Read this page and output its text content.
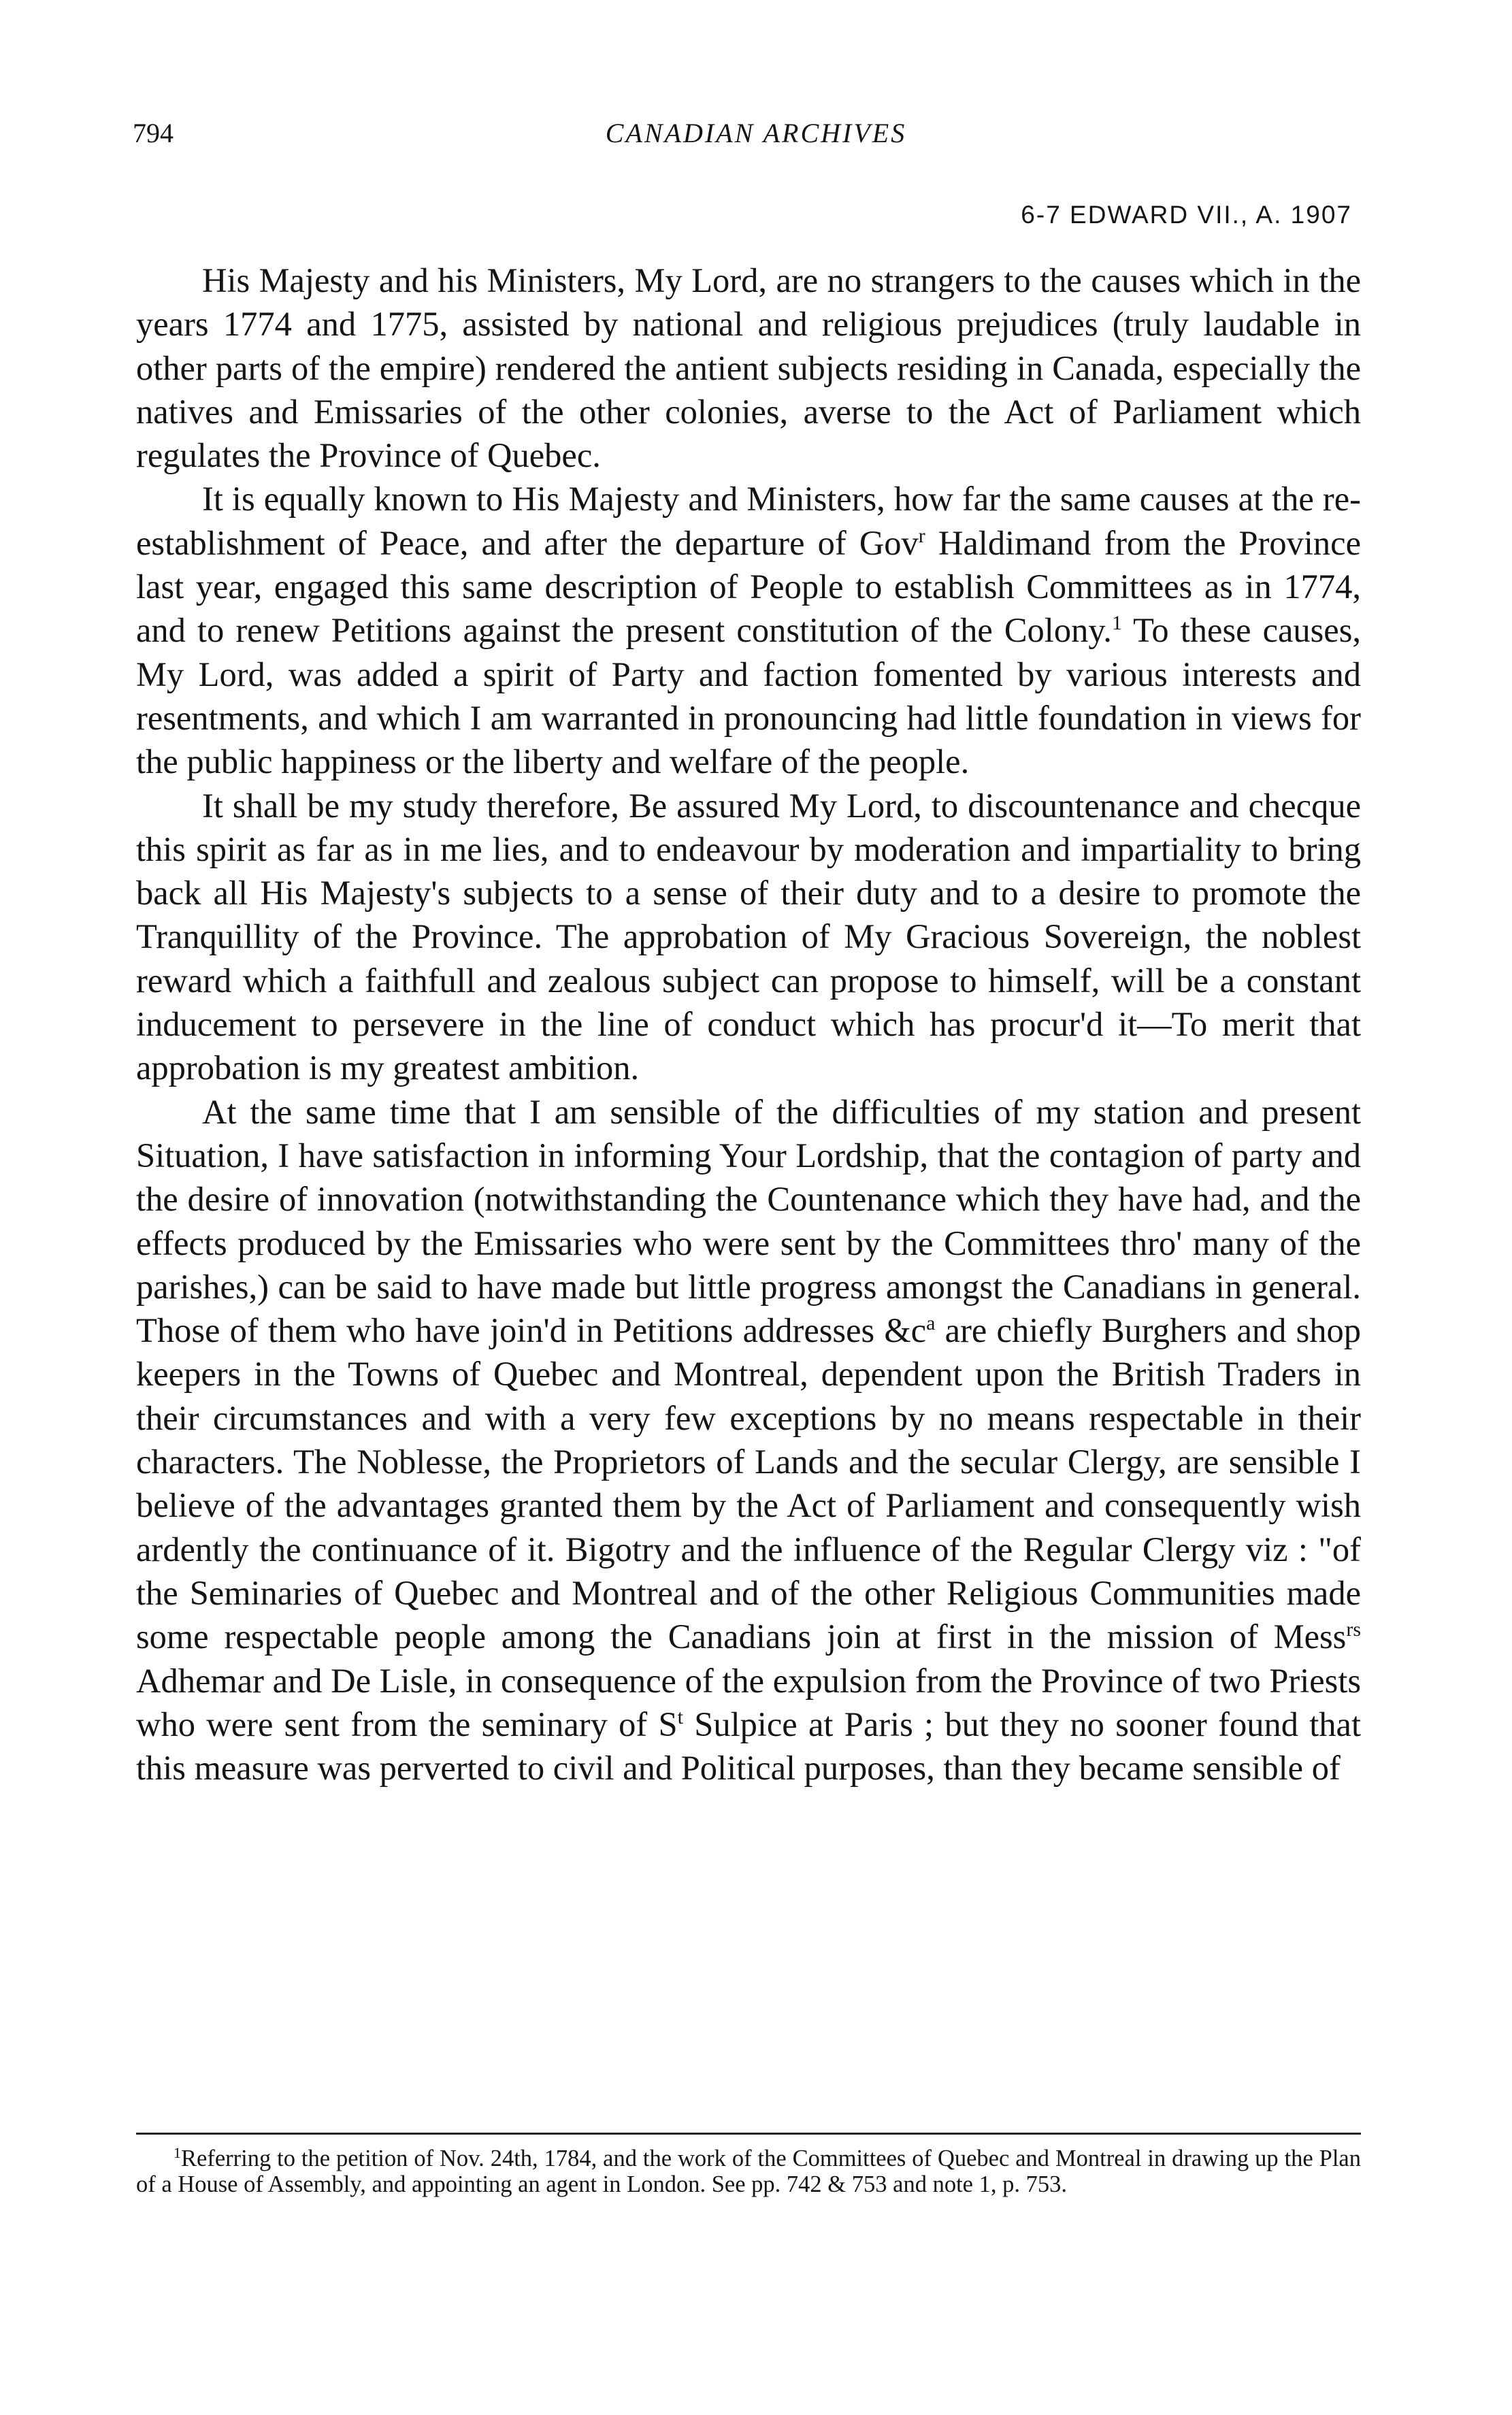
794	CANADIAN ARCHIVES
6-7 EDWARD VII., A. 1907

His Majesty and his Ministers, My Lord, are no strangers to the causes which in the years 1774 and 1775, assisted by national and religious prejudices (truly laudable in other parts of the empire) rendered the antient subjects residing in Canada, especially the natives and Emissaries of the other colonies, averse to the Act of Parliament which regulates the Province of Quebec.

It is equally known to His Majesty and Ministers, how far the same causes at the re-establishment of Peace, and after the departure of Gov$^r$ Haldimand from the Province last year, engaged this same description of People to establish Committees as in 1774, and to renew Petitions against the present constitution of the Colony.$^1$ To these causes, My Lord, was added a spirit of Party and faction fomented by various interests and resentments, and which I am warranted in pronouncing had little foundation in views for the public happiness or the liberty and welfare of the people.

It shall be my study therefore, Be assured My Lord, to discountenance and checque this spirit as far as in me lies, and to endeavour by moderation and impartiality to bring back all His Majesty's subjects to a sense of their duty and to a desire to promote the Tranquillity of the Province. The approbation of My Gracious Sovereign, the noblest reward which a faithfull and zealous subject can propose to himself, will be a constant inducement to persevere in the line of conduct which has procur'd it—To merit that approbation is my greatest ambition.

At the same time that I am sensible of the difficulties of my station and present Situation, I have satisfaction in informing Your Lordship, that the contagion of party and the desire of innovation (notwithstanding the Countenance which they have had, and the effects produced by the Emissaries who were sent by the Committees thro' many of the parishes,) can be said to have made but little progress amongst the Canadians in general. Those of them who have join'd in Petitions addresses $\&c^a$ are chiefly Burghers and shop keepers in the Towns of Quebec and Montreal, dependent upon the British Traders in their circumstances and with a very few exceptions by no means respectable in their characters. The Noblesse, the Proprietors of Lands and the secular Clergy, are sensible I believe of the advantages granted them by the Act of Parliament and consequently wish ardently the continuance of it. Bigotry and the influence of the Regular Clergy viz : "of the Seminaries of Quebec and Montreal and of the other Religious Communities made some respectable people among the Canadians join at first in the mission of Mess$^{rs}$ Adhemar and De Lisle, in consequence of the expulsion from the Province of two Priests who were sent from the seminary of $S^t$ Sulpice at Paris ; but they no sooner found that this measure was perverted to civil and Political purposes, than they became sensible of

$^1$Referring to the petition of Nov. 24th, 1784, and the work of the Committees of Quebec and Montreal in drawing up the Plan of a House of Assembly, and appointing an agent in London. See pp. 742 & 753 and note 1, p. 753.
